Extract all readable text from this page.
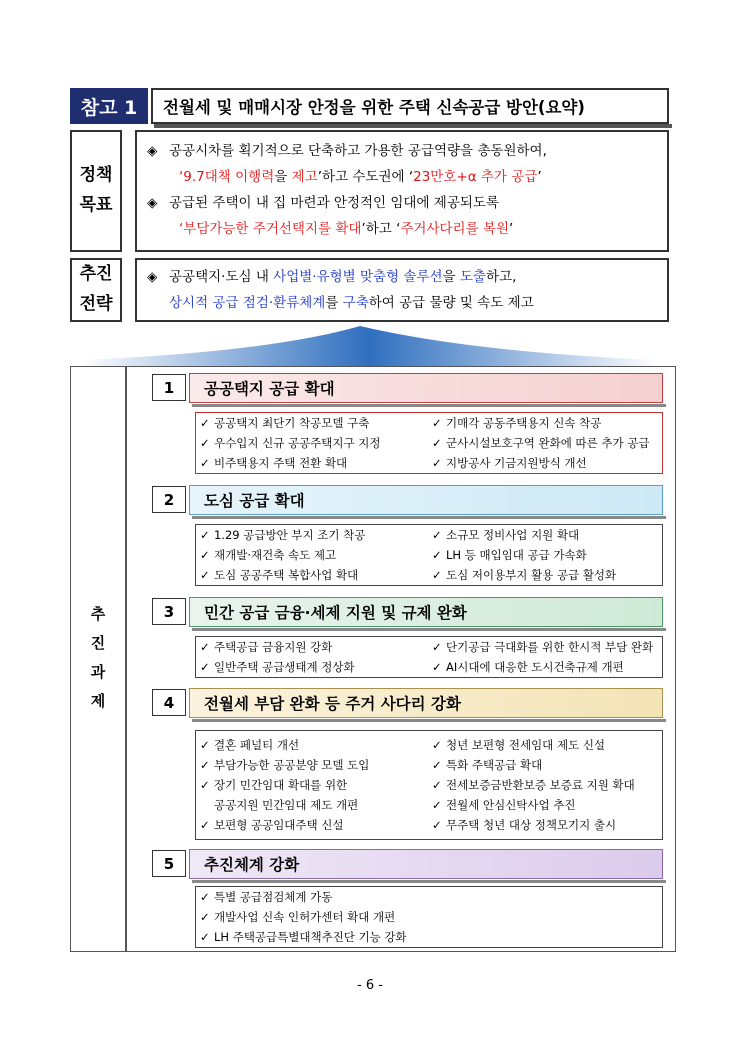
참고 1	전월세 및 매매시장 안정을 위한 주택 신속공급 방안(요약)
정책
목표
◈ 공공시차를 획기적으로 단축하고 가용한 공급역량을 총동원하여,
‘9.7대책 이행력을 제고’하고 수도권에 ‘23만호+α 추가 공급’
◈ 공급된 주택이 내 집 마련과 안정적인 임대에 제공되도록
‘부담가능한 주거선택지를 확대’하고 ‘주거사다리를 복원’
추진
전략
◈ 공공택지·도심 내 사업별·유형별 맞춤형 솔루션을 도출하고,
상시적 공급 점검·환류체계를 구축하여 공급 물량 및 속도 제고
추
진
과
제
1	공공택지 공급 확대
✓ 공공택지 최단기 착공모델 구축	✓ 기매각 공동주택용지 신속 착공
✓ 우수입지 신규 공공주택지구 지정	✓ 군사시설보호구역 완화에 따른 추가 공급
✓ 비주택용지 주택 전환 확대	✓ 지방공사 기금지원방식 개선
2	도심 공급 확대
✓ 1.29 공급방안 부지 조기 착공	✓ 소규모 정비사업 지원 확대
✓ 재개발·재건축 속도 제고	✓ LH 등 매입임대 공급 가속화
✓ 도심 공공주택 복합사업 확대	✓ 도심 저이용부지 활용 공급 활성화
3	민간 공급 금융·세제 지원 및 규제 완화
✓ 주택공급 금융지원 강화	✓ 단기공급 극대화를 위한 한시적 부담 완화
✓ 일반주택 공급생태계 정상화	✓ AI시대에 대응한 도시건축규제 개편
4	전월세 부담 완화 등 주거 사다리 강화
✓ 결혼 페널티 개선	✓ 청년 보편형 전세임대 제도 신설
✓ 부담가능한 공공분양 모델 도입	✓ 특화 주택공급 확대
✓ 장기 민간임대 확대를 위한	✓ 전세보증금반환보증 보증료 지원 확대
공공지원 민간임대 제도 개편	✓ 전월세 안심신탁사업 추진
✓ 보편형 공공임대주택 신설	✓ 무주택 청년 대상 정책모기지 출시
5	추진체계 강화
✓ 특별 공급점검체계 가동
✓ 개발사업 신속 인허가센터 확대 개편
✓ LH 주택공급특별대책추진단 기능 강화
- 6 -
